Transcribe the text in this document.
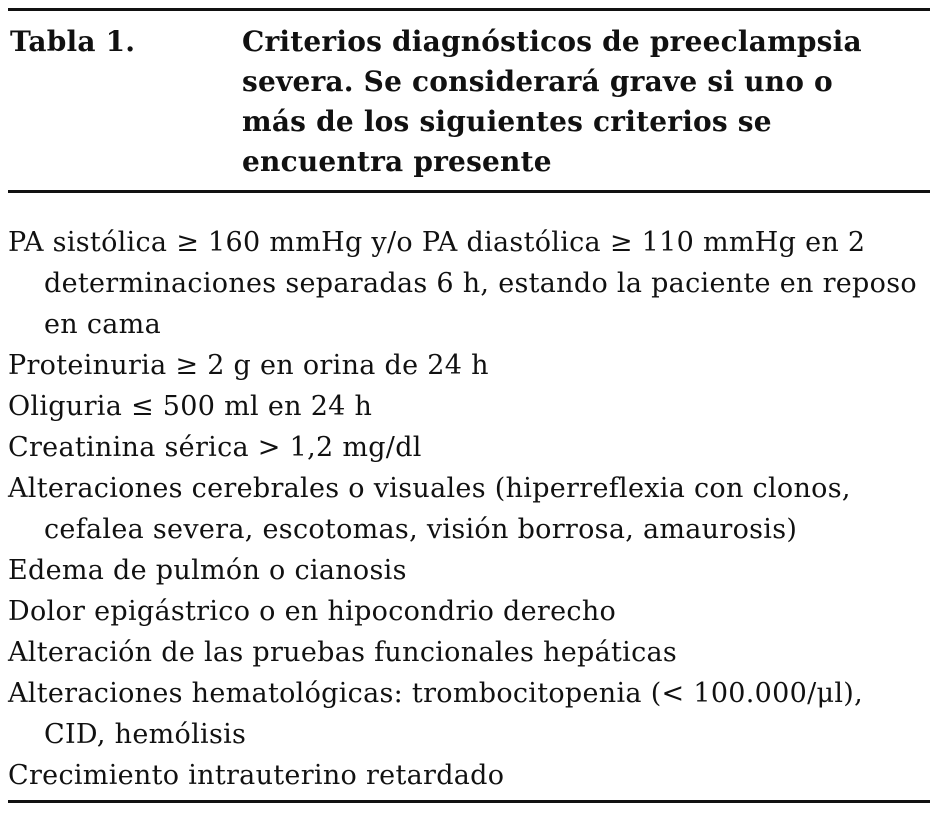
Tabla 1.	Criterios diagnósticos de preeclampsia severa. Se considerará grave si uno o más de los siguientes criterios se encuentra presente
PA sistólica ≥ 160 mmHg y/o PA diastólica ≥ 110 mmHg en 2 determinaciones separadas 6 h, estando la paciente en reposo en cama
Proteinuria ≥ 2 g en orina de 24 h
Oliguria ≤ 500 ml en 24 h
Creatinina sérica > 1,2 mg/dl
Alteraciones cerebrales o visuales (hiperreflexia con clonos, cefalea severa, escotomas, visión borrosa, amaurosis)
Edema de pulmón o cianosis
Dolor epigástrico o en hipocondrio derecho
Alteración de las pruebas funcionales hepáticas
Alteraciones hematológicas: trombocitopenia (< 100.000/μl), CID, hemólisis
Crecimiento intrauterino retardado
